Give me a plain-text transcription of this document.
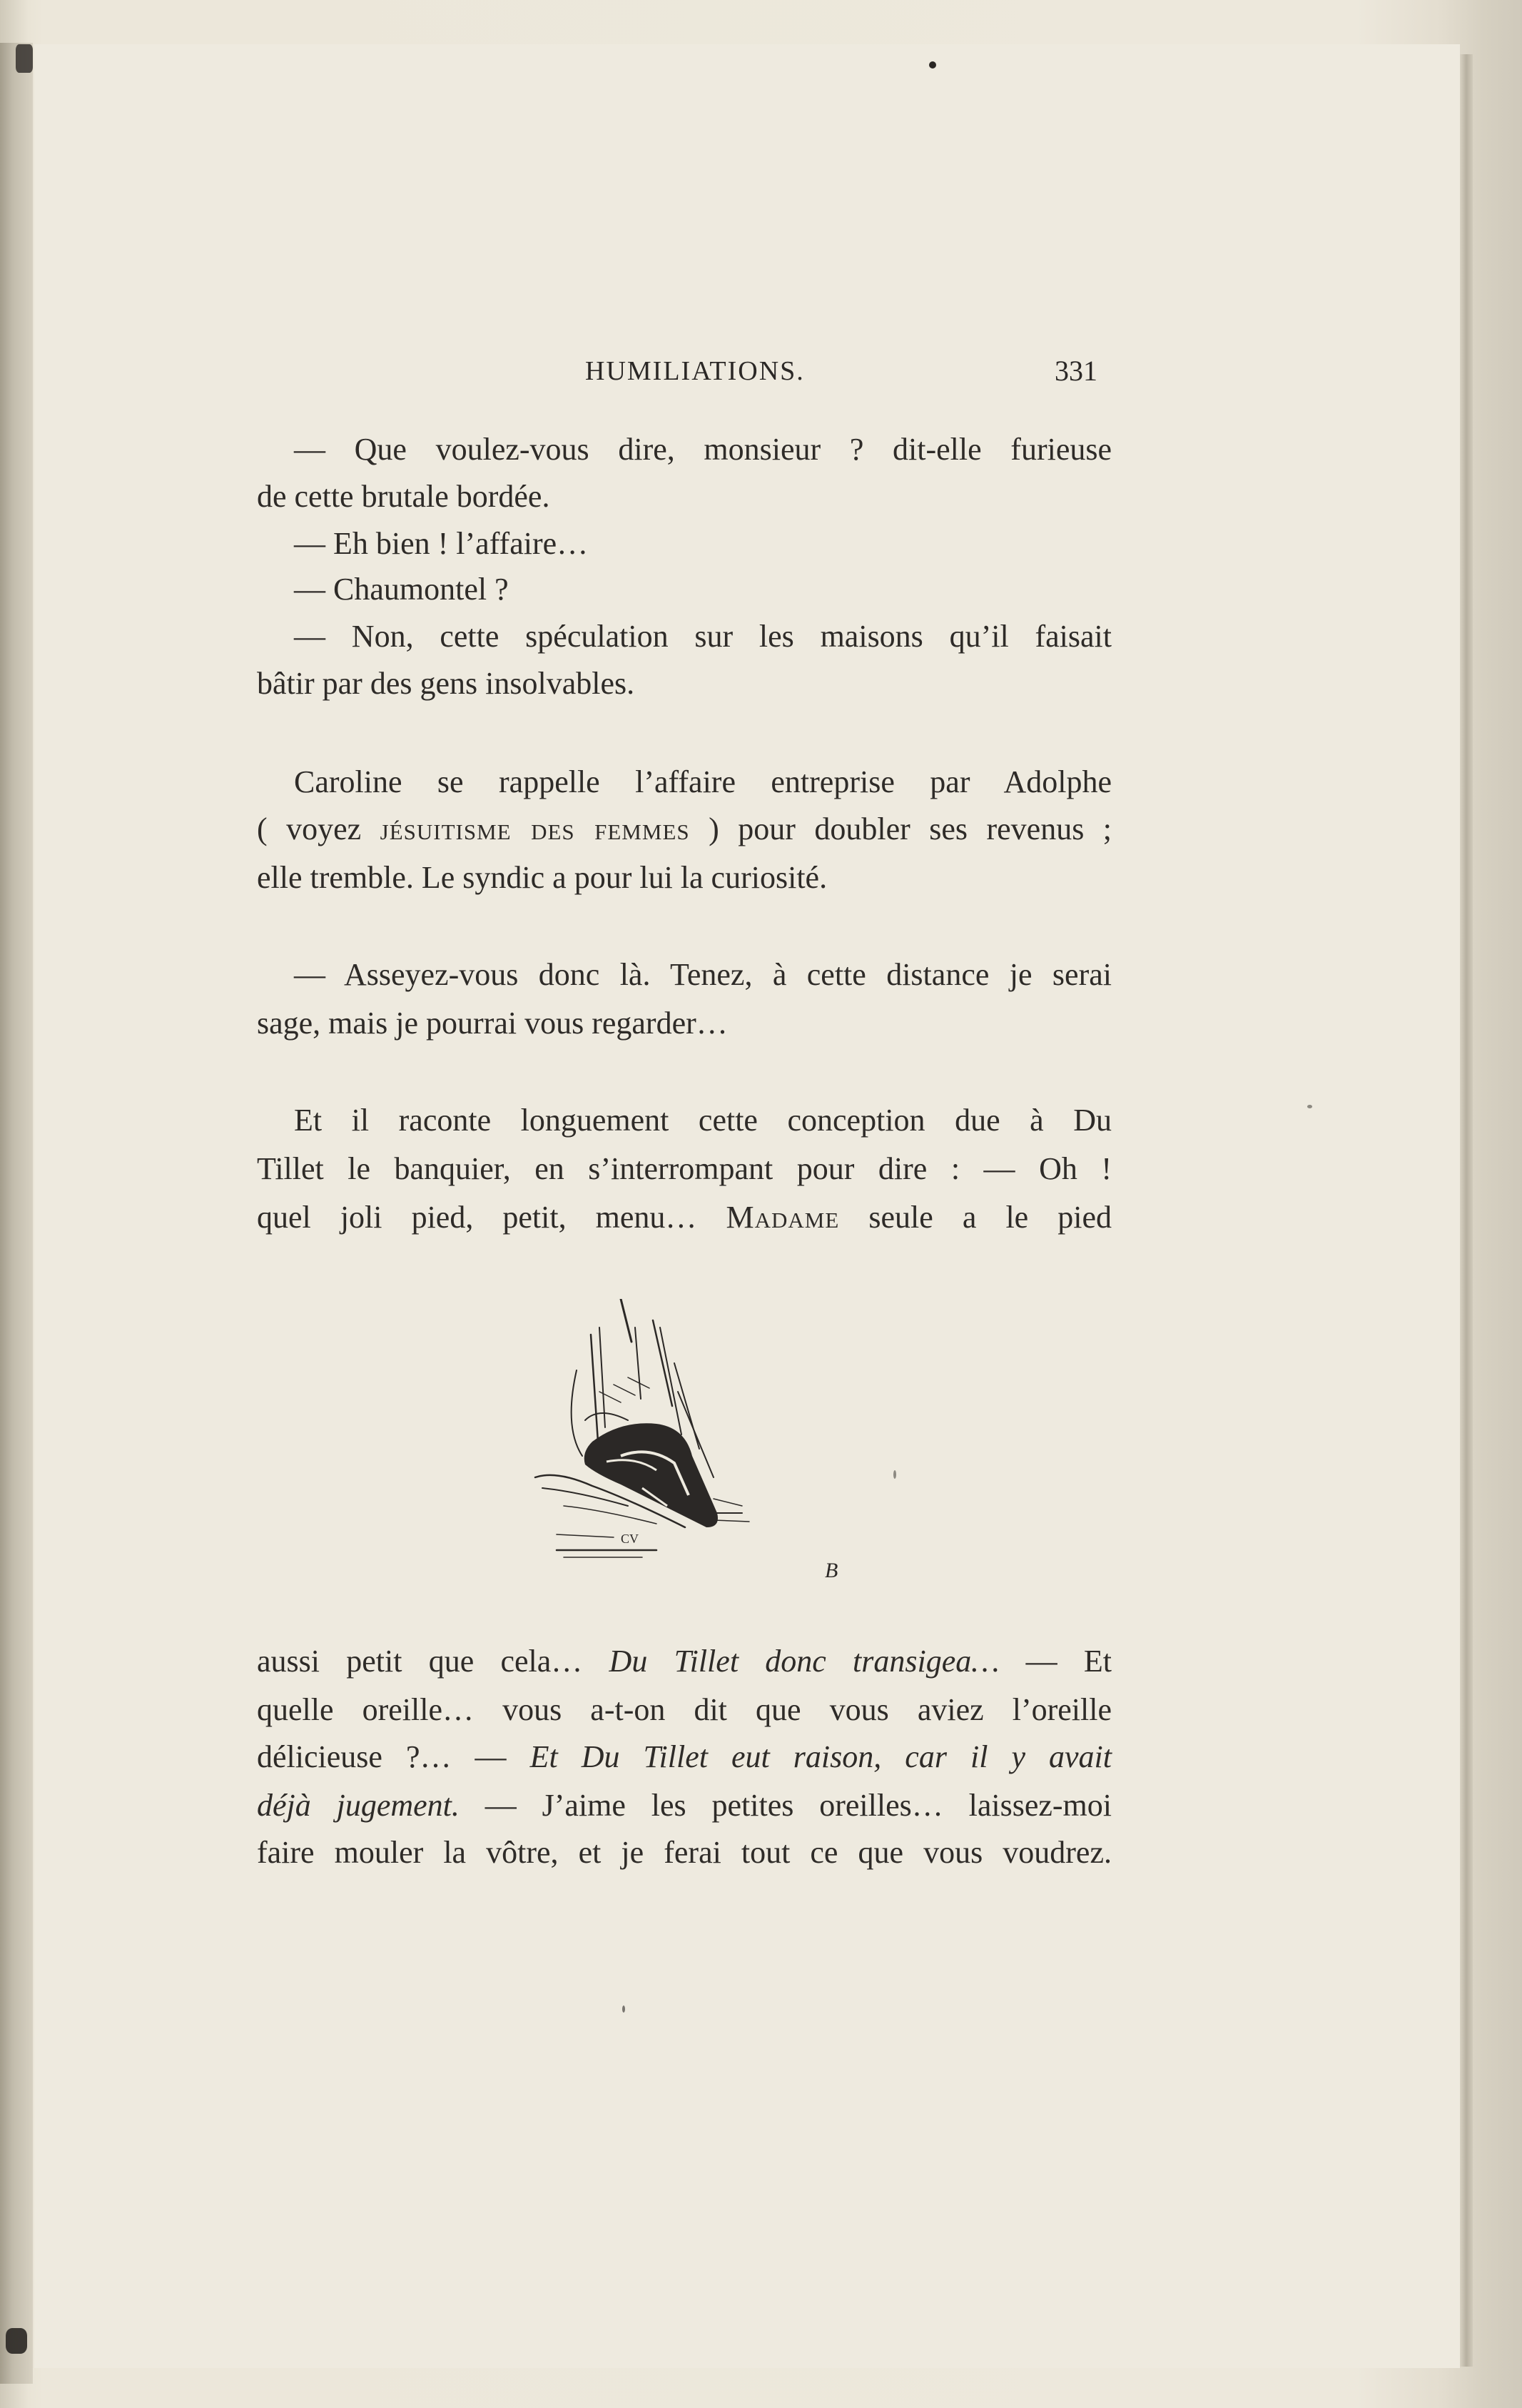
HUMILIATIONS.	331
— Que voulez-vous dire, monsieur ? dit-elle furieuse
de cette brutale bordée.
— Eh bien ! l’affaire…
— Chaumontel ?
— Non, cette spéculation sur les maisons qu’il faisait
bâtir par des gens insolvables.
Caroline se rappelle l’affaire entreprise par Adolphe
( voyez jésuitisme des femmes ) pour doubler ses revenus ;
elle tremble. Le syndic a pour lui la curiosité.
— Asseyez-vous donc là. Tenez, à cette distance je serai
sage, mais je pourrai vous regarder…
Et il raconte longuement cette conception due à Du
Tillet le banquier, en s’interrompant pour dire : — Oh !
quel joli pied, petit, menu… Madame seule a le pied
CV
B
aussi petit que cela… Du Tillet donc transigea… — Et
quelle oreille… vous a-t-on dit que vous aviez l’oreille
délicieuse ?… — Et Du Tillet eut raison, car il y avait
déjà jugement. — J’aime les petites oreilles… laissez-moi
faire mouler la vôtre, et je ferai tout ce que vous voudrez.
